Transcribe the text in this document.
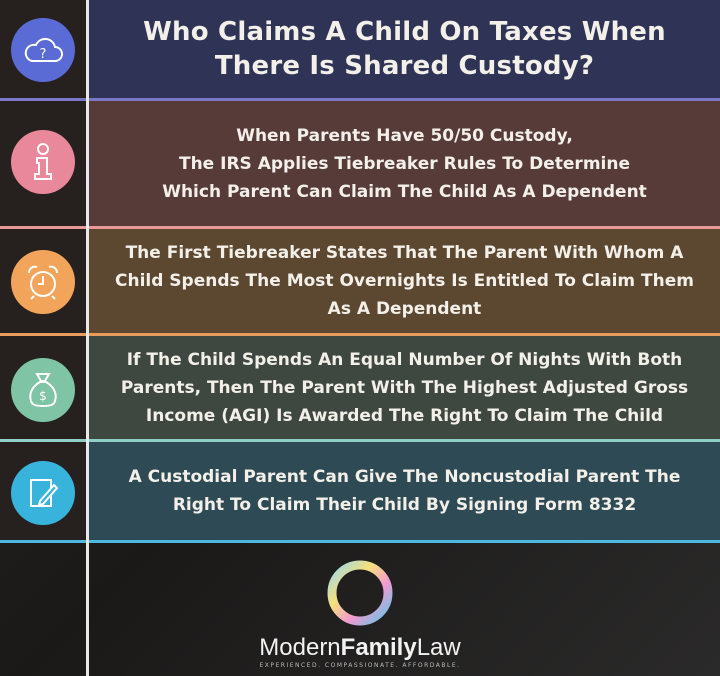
Who Claims A Child On Taxes When
There Is Shared Custody?
?
When Parents Have 50/50 Custody,
The IRS Applies Tiebreaker Rules To Determine
Which Parent Can Claim The Child As A Dependent
The First Tiebreaker States That The Parent With Whom A
Child Spends The Most Overnights Is Entitled To Claim Them
As A Dependent
If The Child Spends An Equal Number Of Nights With Both
Parents, Then The Parent With The Highest Adjusted Gross
Income (AGI) Is Awarded The Right To Claim The Child
$
A Custodial Parent Can Give The Noncustodial Parent The
Right To Claim Their Child By Signing Form 8332
ModernFamilyLaw
EXPERIENCED. COMPASSIONATE. AFFORDABLE.
